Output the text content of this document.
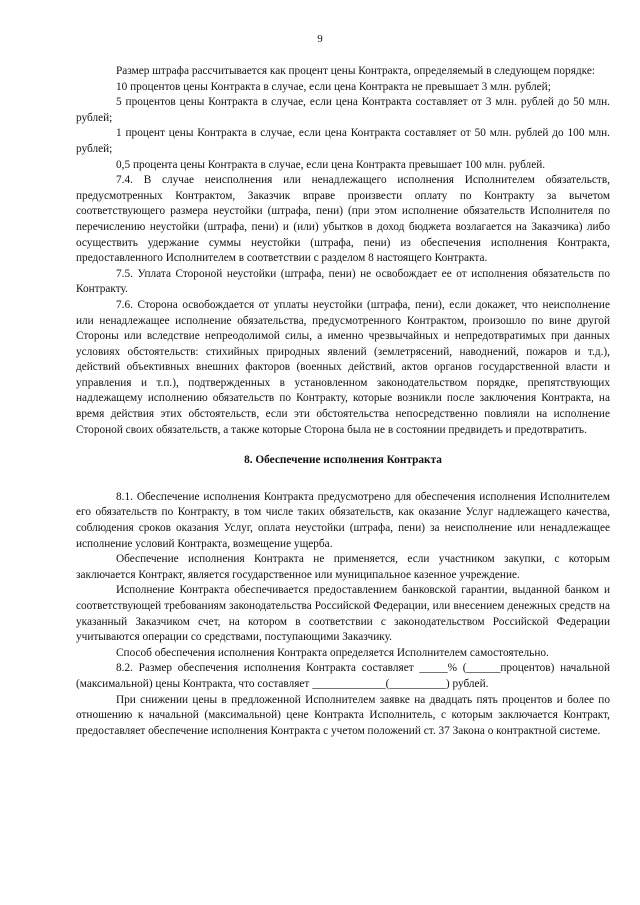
9

Размер штрафа рассчитывается как процент цены Контракта, определяемый в следующем порядке:

10 процентов цены Контракта в случае, если цена Контракта не превышает 3 млн. рублей;

5 процентов цены Контракта в случае, если цена Контракта составляет от 3 млн. рублей до 50 млн. рублей;

1 процент цены Контракта в случае, если цена Контракта составляет от 50 млн. рублей до 100 млн. рублей;

0,5 процента цены Контракта в случае, если цена Контракта превышает 100 млн. рублей.

7.4. В случае неисполнения или ненадлежащего исполнения Исполнителем обязательств, предусмотренных Контрактом, Заказчик вправе произвести оплату по Контракту за вычетом соответствующего размера неустойки (штрафа, пени) (при этом исполнение обязательств Исполнителя по перечислению неустойки (штрафа, пени) и (или) убытков в доход бюджета возлагается на Заказчика) либо осуществить удержание суммы неустойки (штрафа, пени) из обеспечения исполнения Контракта, предоставленного Исполнителем в соответствии с разделом 8 настоящего Контракта.

7.5. Уплата Стороной неустойки (штрафа, пени) не освобождает ее от исполнения обязательств по Контракту.

7.6. Сторона освобождается от уплаты неустойки (штрафа, пени), если докажет, что неисполнение или ненадлежащее исполнение обязательства, предусмотренного Контрактом, произошло по вине другой Стороны или вследствие непреодолимой силы, а именно чрезвычайных и непредотвратимых при данных условиях обстоятельств: стихийных природных явлений (землетрясений, наводнений, пожаров и т.д.), действий объективных внешних факторов (военных действий, актов органов государственной власти и управления и т.п.), подтвержденных в установленном законодательством порядке, препятствующих надлежащему исполнению обязательств по Контракту, которые возникли после заключения Контракта, на время действия этих обстоятельств, если эти обстоятельства непосредственно повлияли на исполнение Стороной своих обязательств, а также которые Сторона была не в состоянии предвидеть и предотвратить.

8. Обеспечение исполнения Контракта

8.1. Обеспечение исполнения Контракта предусмотрено для обеспечения исполнения Исполнителем его обязательств по Контракту, в том числе таких обязательств, как оказание Услуг надлежащего качества, соблюдения сроков оказания Услуг, оплата неустойки (штрафа, пени) за неисполнение или ненадлежащее исполнение условий Контракта, возмещение ущерба.

Обеспечение исполнения Контракта не применяется, если участником закупки, с которым заключается Контракт, является государственное или муниципальное казенное учреждение.

Исполнение Контракта обеспечивается предоставлением банковской гарантии, выданной банком и соответствующей требованиям законодательства Российской Федерации, или внесением денежных средств на указанный Заказчиком счет, на котором в соответствии с законодательством Российской Федерации учитываются операции со средствами, поступающими Заказчику.

Способ обеспечения исполнения Контракта определяется Исполнителем самостоятельно.

8.2. Размер обеспечения исполнения Контракта составляет _____% (______процентов) начальной (максимальной) цены Контракта, что составляет _____________(__________) рублей.

При снижении цены в предложенной Исполнителем заявке на двадцать пять процентов и более по отношению к начальной (максимальной) цене Контракта Исполнитель, с которым заключается Контракт, предоставляет обеспечение исполнения Контракта с учетом положений ст. 37 Закона о контрактной системе.
